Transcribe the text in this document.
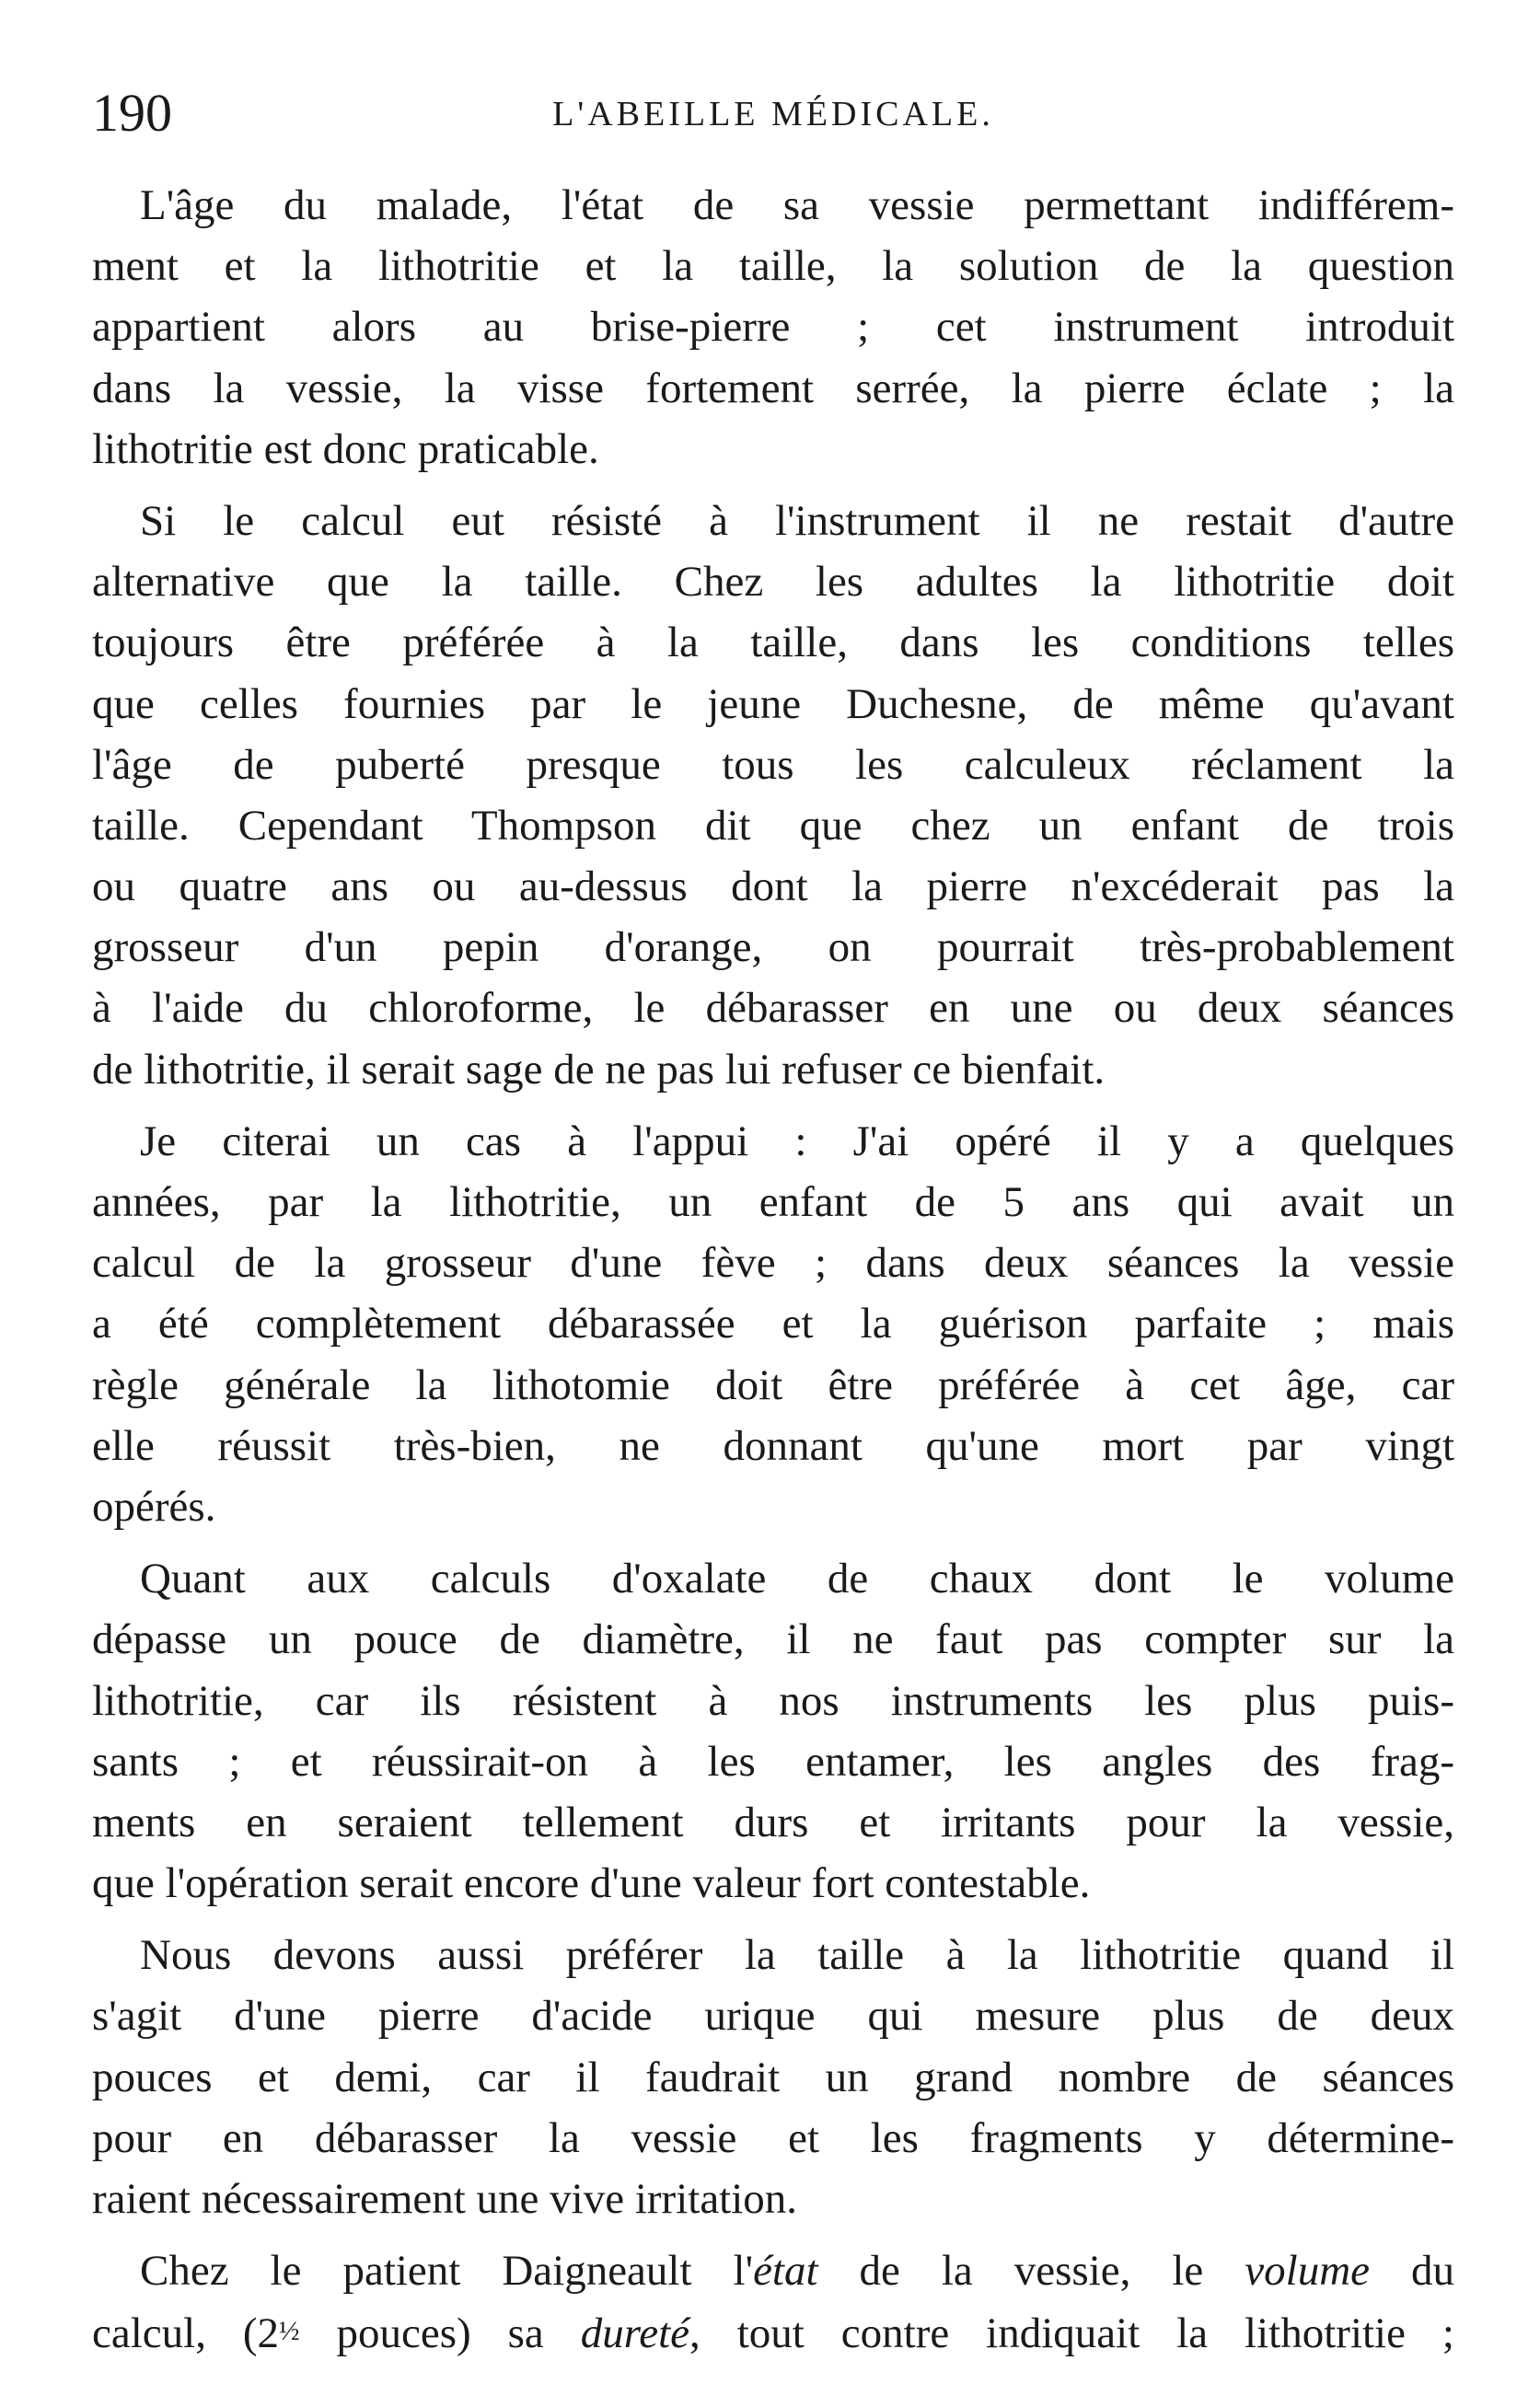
190	L'ABEILLE MÉDICALE.
L'âge du malade, l'état de sa vessie permettant indifférem-
ment et la lithotritie et la taille, la solution de la question
appartient alors au brise-pierre ; cet instrument introduit
dans la vessie, la visse fortement serrée, la pierre éclate ; la
lithotritie est donc praticable.
Si le calcul eut résisté à l'instrument il ne restait d'autre
alternative que la taille. Chez les adultes la lithotritie doit
toujours être préférée à la taille, dans les conditions telles
que celles fournies par le jeune Duchesne, de même qu'avant
l'âge de puberté presque tous les calculeux réclament la
taille. Cependant Thompson dit que chez un enfant de trois
ou quatre ans ou au-dessus dont la pierre n'excéderait pas la
grosseur d'un pepin d'orange, on pourrait très-probablement
à l'aide du chloroforme, le débarasser en une ou deux séances
de lithotritie, il serait sage de ne pas lui refuser ce bienfait.
Je citerai un cas à l'appui : J'ai opéré il y a quelques
années, par la lithotritie, un enfant de 5 ans qui avait un
calcul de la grosseur d'une fève ; dans deux séances la vessie
a été complètement débarassée et la guérison parfaite ; mais
règle générale la lithotomie doit être préférée à cet âge, car
elle réussit très-bien, ne donnant qu'une mort par vingt
opérés.
Quant aux calculs d'oxalate de chaux dont le volume
dépasse un pouce de diamètre, il ne faut pas compter sur la
lithotritie, car ils résistent à nos instruments les plus puis-
sants ; et réussirait-on à les entamer, les angles des frag-
ments en seraient tellement durs et irritants pour la vessie,
que l'opération serait encore d'une valeur fort contestable.
Nous devons aussi préférer la taille à la lithotritie quand il
s'agit d'une pierre d'acide urique qui mesure plus de deux
pouces et demi, car il faudrait un grand nombre de séances
pour en débarasser la vessie et les fragments y détermine-
raient nécessairement une vive irritation.
Chez le patient Daigneault l'état de la vessie, le volume du
calcul, (2½ pouces) sa dureté, tout contre indiquait la lithotritie ;
